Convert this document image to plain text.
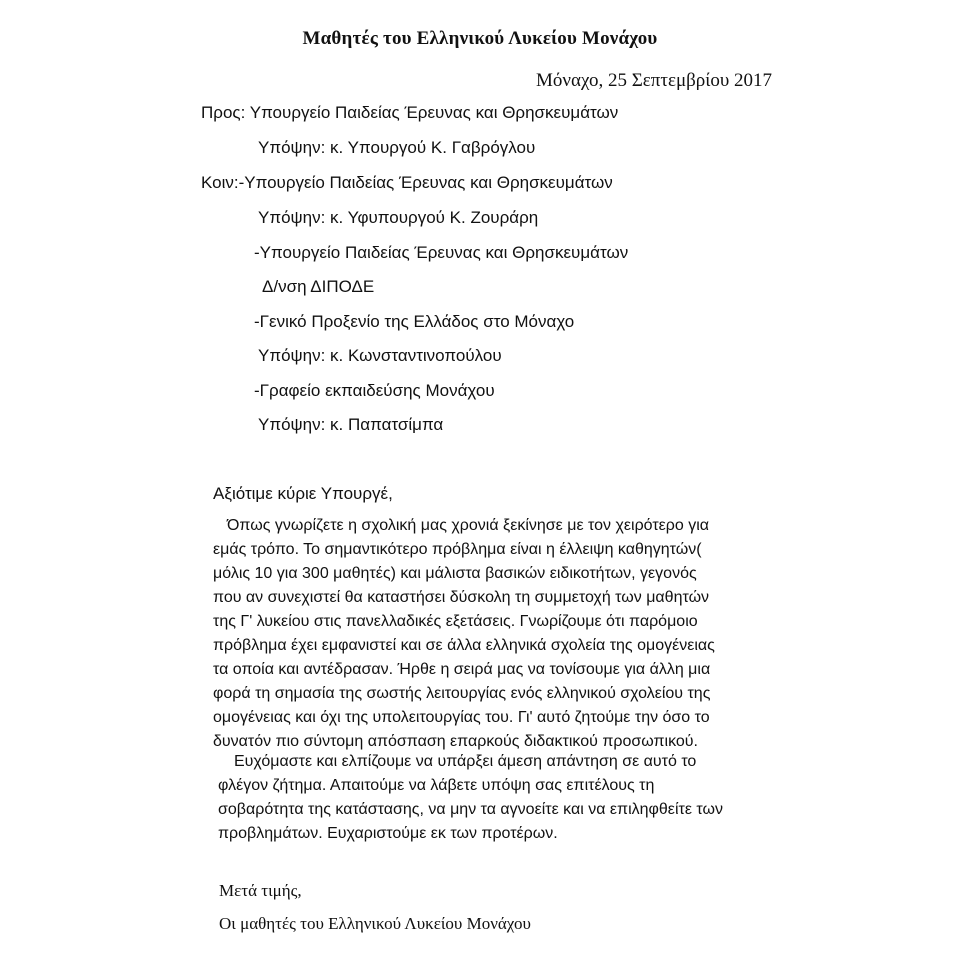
Μαθητές του Ελληνικού Λυκείου Μονάχου
Μόναχο, 25 Σεπτεμβρίου 2017
Προς: Υπουργείο Παιδείας Έρευνας και Θρησκευμάτων
Υπόψην: κ. Υπουργού Κ. Γαβρόγλου
Κοιν:-Υπουργείο Παιδείας Έρευνας και Θρησκευμάτων
Υπόψην: κ. Υφυπουργού Κ. Ζουράρη
-Υπουργείο Παιδείας Έρευνας και Θρησκευμάτων
Δ/νση ΔΙΠΟΔΕ
-Γενικό Προξενίο της Ελλάδος στο Μόναχο
Υπόψην: κ. Κωνσταντινοπούλου
-Γραφείο εκπαιδεύσης Μονάχου
Υπόψην: κ. Παπατσίμπα
Αξιότιμε κύριε Υπουργέ,
Όπως γνωρίζετε η σχολική μας χρονιά ξεκίνησε με τον χειρότερο για
εμάς τρόπο. Το σημαντικότερο πρόβλημα είναι η έλλειψη καθηγητών(
μόλις 10 για 300 μαθητές) και μάλιστα βασικών ειδικοτήτων, γεγονός
που αν συνεχιστεί θα καταστήσει δύσκολη τη συμμετοχή των μαθητών
της Γ' λυκείου στις πανελλαδικές εξετάσεις. Γνωρίζουμε ότι παρόμοιο
πρόβλημα έχει εμφανιστεί και σε άλλα ελληνικά σχολεία της ομογένειας
τα οποία και αντέδρασαν. Ήρθε η σειρά μας να τονίσουμε για άλλη μια
φορά τη σημασία της σωστής λειτουργίας ενός ελληνικού σχολείου της
ομογένειας και όχι της υπολειτουργίας του. Γι' αυτό ζητούμε την όσο το
δυνατόν πιο σύντομη απόσπαση επαρκούς διδακτικού προσωπικού.
Ευχόμαστε και ελπίζουμε να υπάρξει άμεση απάντηση σε αυτό το
φλέγον ζήτημα. Απαιτούμε να λάβετε υπόψη σας επιτέλους τη
σοβαρότητα της κατάστασης, να μην τα αγνοείτε και να επιληφθείτε των
προβλημάτων. Ευχαριστούμε εκ των προτέρων.
Μετά τιμής,
Οι μαθητές του Ελληνικού Λυκείου Μονάχου
